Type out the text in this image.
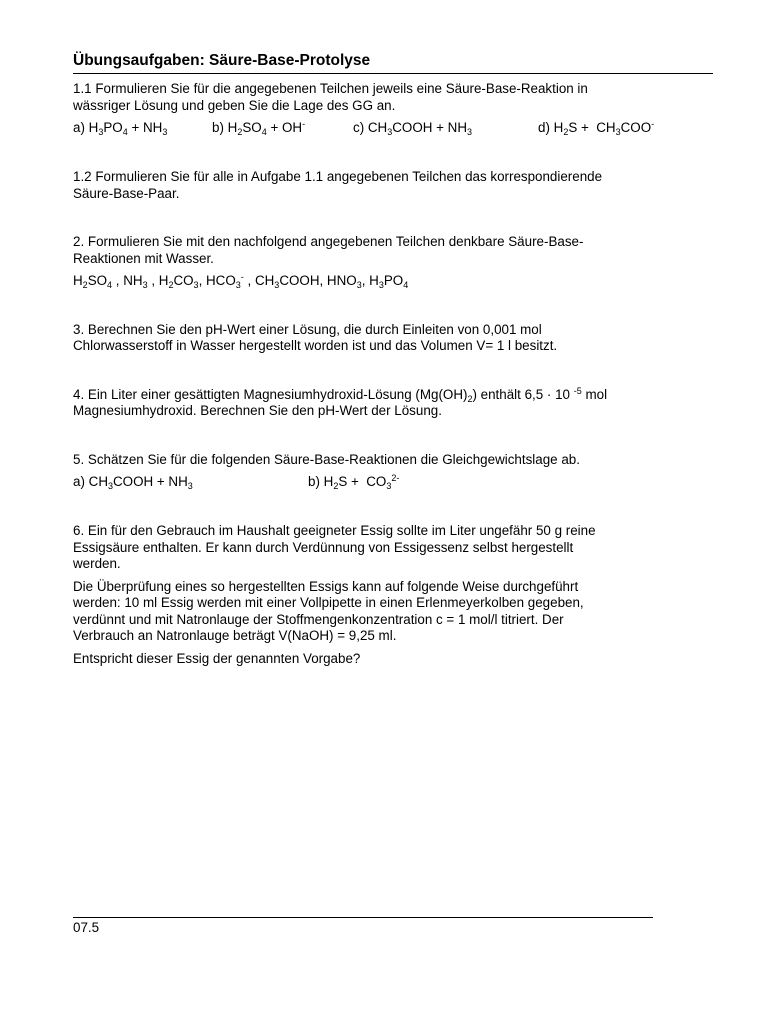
Übungsaufgaben: Säure-Base-Protolyse

1.1 Formulieren Sie für die angegebenen Teilchen jeweils eine Säure-Base-Reaktion in

wässriger Lösung und geben Sie die Lage des GG an.

a) $H_3PO_4 + NH_3$	b) $H_2SO_4 + OH^-$	c) $CH_3COOH + NH_3$	d) $H_2S + CH_3COO^-$

1.2 Formulieren Sie für alle in Aufgabe 1.1 angegebenen Teilchen das korrespondierende

Säure-Base-Paar.

2. Formulieren Sie mit den nachfolgend angegebenen Teilchen denkbare Säure-Base-

Reaktionen mit Wasser.

$H_2SO_4$ , $NH_3$ , $H_2CO_3$, $HCO_3^-$ , $CH_3COOH$, $HNO_3$, $H_3PO_4$

3. Berechnen Sie den pH-Wert einer Lösung, die durch Einleiten von 0,001 mol

Chlorwasserstoff in Wasser hergestellt worden ist und das Volumen V= 1 l besitzt.

4. Ein Liter einer gesättigten Magnesiumhydroxid-Lösung $(Mg(OH)_2)$ enthält 6,5 · 10 $^{-5}$ mol

Magnesiumhydroxid. Berechnen Sie den pH-Wert der Lösung.

5. Schätzen Sie für die folgenden Säure-Base-Reaktionen die Gleichgewichtslage ab.

a) $CH_3COOH + NH_3$	b) $H_2S + CO_3^{2-}$

6. Ein für den Gebrauch im Haushalt geeigneter Essig sollte im Liter ungefähr 50 g reine

Essigsäure enthalten. Er kann durch Verdünnung von Essigessenz selbst hergestellt

werden.

Die Überprüfung eines so hergestellten Essigs kann auf folgende Weise durchgeführt

werden: 10 ml Essig werden mit einer Vollpipette in einen Erlenmeyerkolben gegeben,

verdünnt und mit Natronlauge der Stoffmengenkonzentration c = 1 mol/l titriert. Der

Verbrauch an Natronlauge beträgt V(NaOH) = 9,25 ml.

Entspricht dieser Essig der genannten Vorgabe?

07.5
